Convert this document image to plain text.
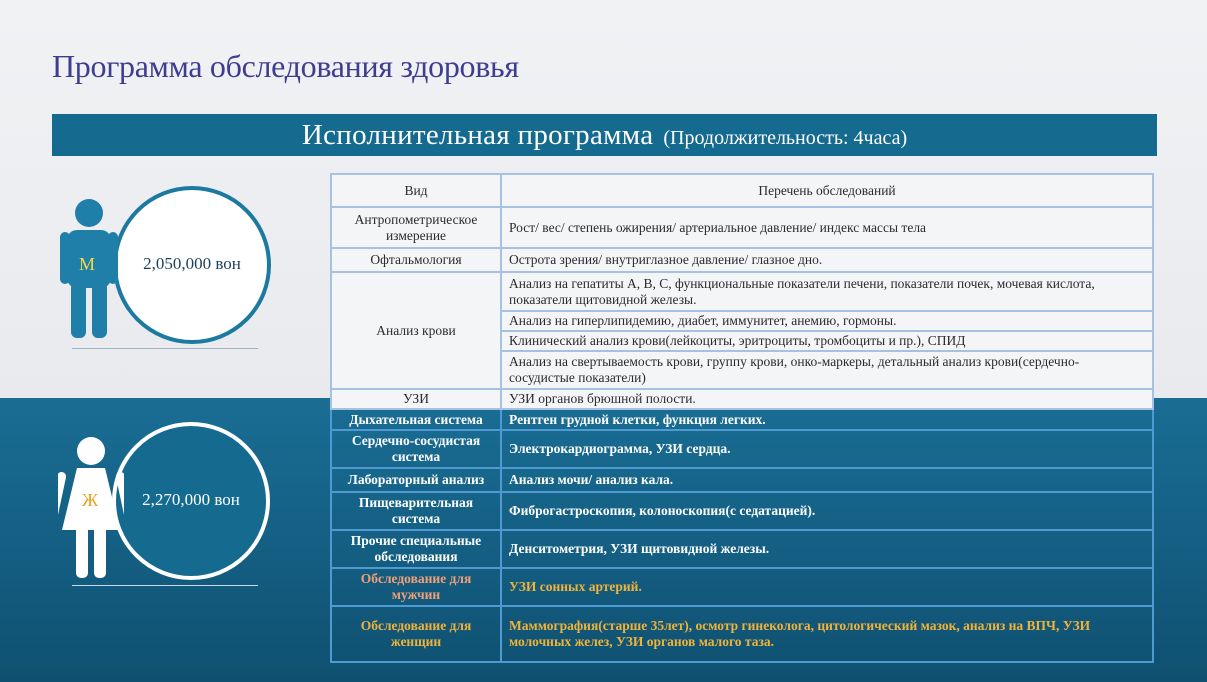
Программа обследования здоровья
Исполнительная программа (Продолжительность: 4часа)
М	2,050,000 вон
Ж	2,270,000 вон
Вид	Перечень обследований
Антропометрическое измерение	Рост/ вес/ степень ожирения/ артериальное давление/ индекс массы тела
Офтальмология	Острота зрения/ внутриглазное давление/ глазное дно.
Анализ крови	Анализ на гепатиты А, В, С, функциональные показатели печени, показатели почек, мочевая кислота, показатели щитовидной железы.
	Анализ на гиперлипидемию, диабет, иммунитет, анемию, гормоны.
	Клинический анализ крови(лейкоциты, эритроциты, тромбоциты и пр.), СПИД
	Анализ на свертываемость крови, группу крови, онко-маркеры, детальный анализ крови(сердечно-сосудистые показатели)
УЗИ	УЗИ органов брюшной полости.
Дыхательная система	Рентген грудной клетки, функция легких.
Сердечно-сосудистая система	Электрокардиограмма, УЗИ сердца.
Лабораторный анализ	Анализ мочи/ анализ кала.
Пищеварительная система	Фиброгастроскопия, колоноскопия(с седатацией).
Прочие специальные обследования	Денситометрия, УЗИ щитовидной железы.
Обследование для мужчин	УЗИ сонных артерий.
Обследование для женщин	Маммография(старше 35лет), осмотр гинеколога, цитологический мазок, анализ на ВПЧ, УЗИ молочных желез, УЗИ органов малого таза.
